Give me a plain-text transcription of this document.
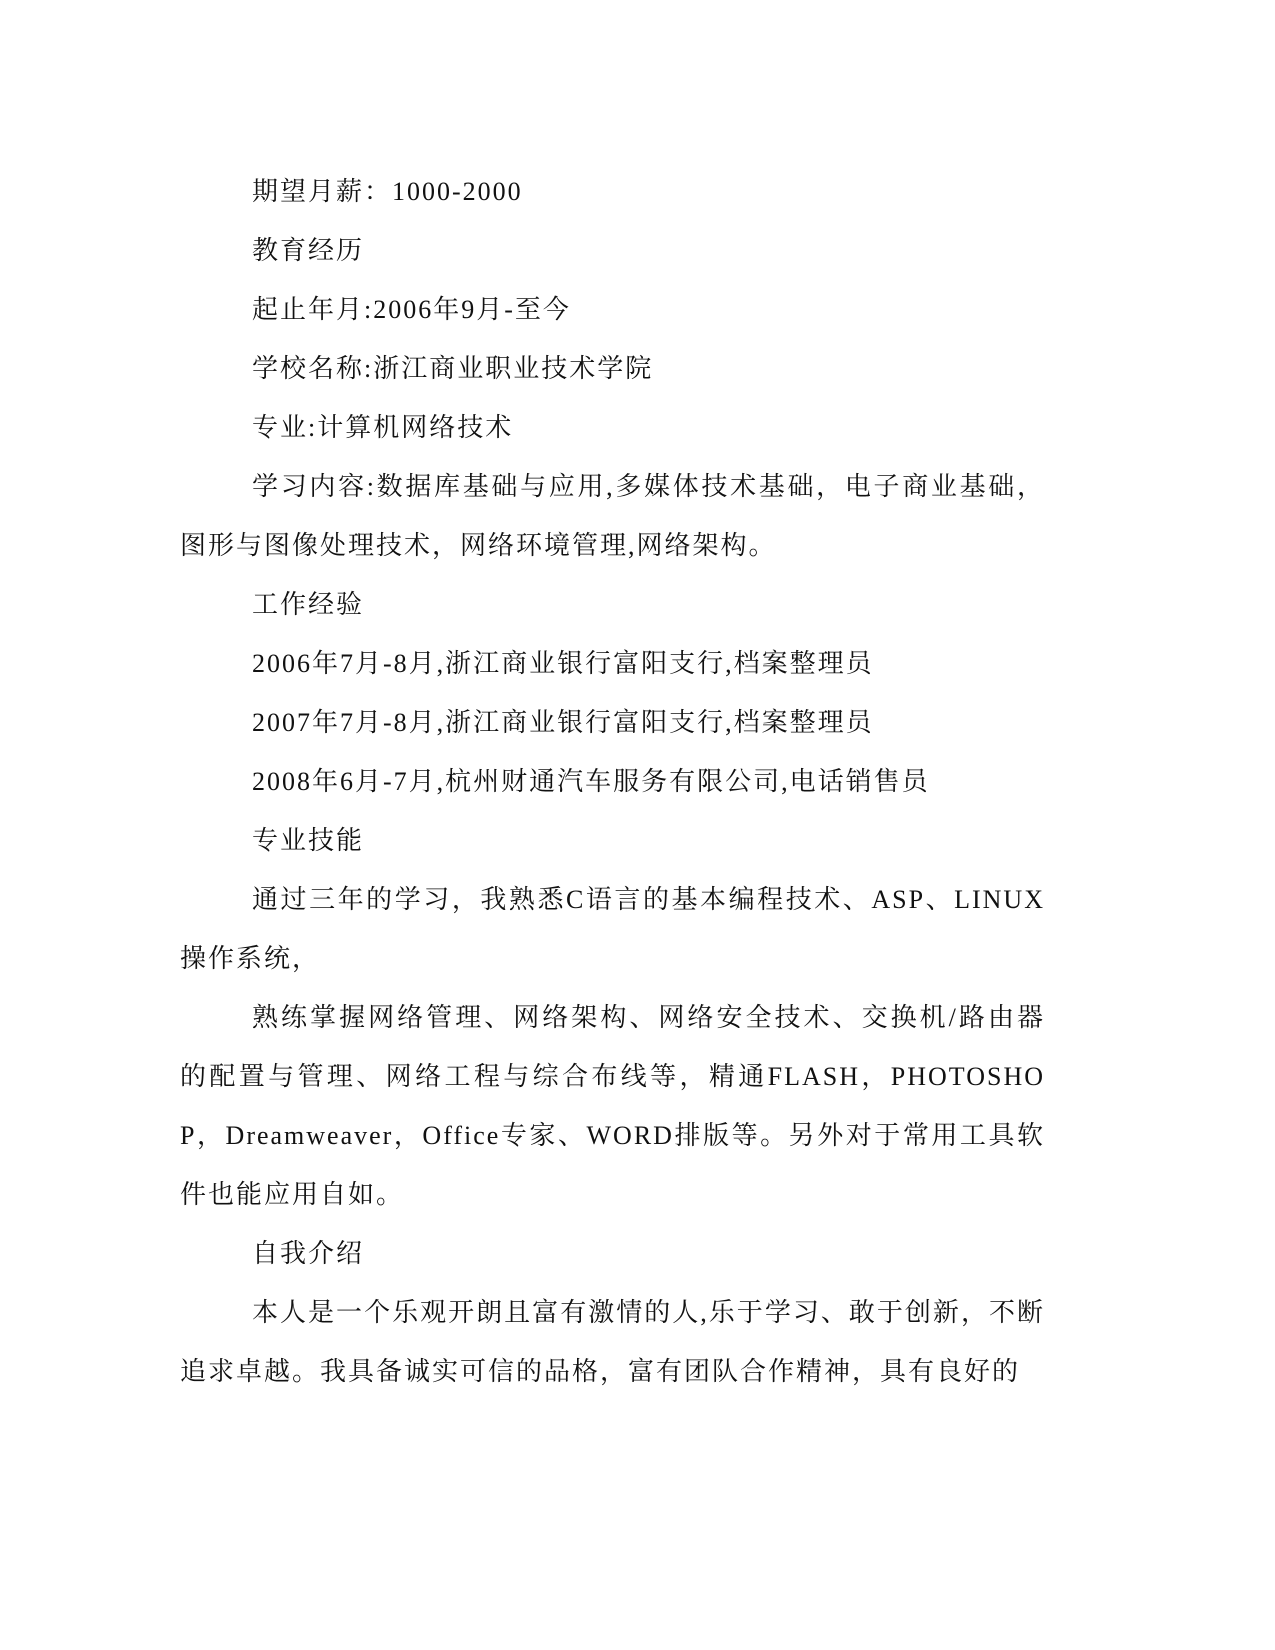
期望月薪：1000-2000

教育经历

起止年月:2006年9月-至今

学校名称:浙江商业职业技术学院

专业:计算机网络技术

学习内容:数据库基础与应用,多媒体技术基础，电子商业基础，图形与图像处理技术，网络环境管理,网络架构。

工作经验

2006年7月-8月,浙江商业银行富阳支行,档案整理员

2007年7月-8月,浙江商业银行富阳支行,档案整理员

2008年6月-7月,杭州财通汽车服务有限公司,电话销售员

专业技能

通过三年的学习，我熟悉C语言的基本编程技术、ASP、LINUX操作系统，

熟练掌握网络管理、网络架构、网络安全技术、交换机/路由器的配置与管理、网络工程与综合布线等，精通FLASH，PHOTOSHOP，Dreamweaver，Office专家、WORD排版等。另外对于常用工具软件也能应用自如。

自我介绍

本人是一个乐观开朗且富有激情的人,乐于学习、敢于创新，不断追求卓越。我具备诚实可信的品格，富有团队合作精神，具有良好的
